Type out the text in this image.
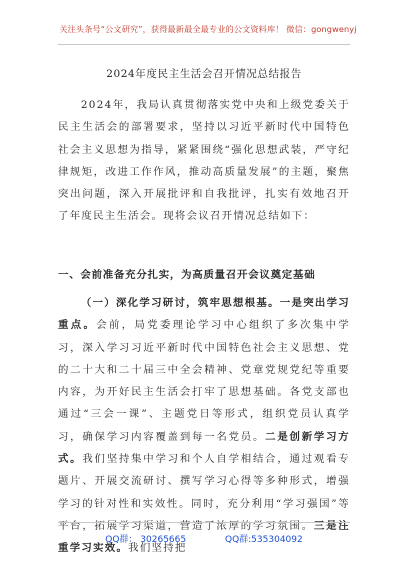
关注头条号“公文研究”，获得最新最全最专业的公文资料库！ 微信：gongwenyj
2024年度民主生活会召开情况总结报告
2024年，我局认真贯彻落实党中央和上级党委关于民主生活会的部署要求，坚持以习近平新时代中国特色社会主义思想为指导，紧紧围绕“强化思想武装，严守纪律规矩，改进工作作风，推动高质量发展”的主题，聚焦突出问题，深入开展批评和自我批评，扎实有效地召开了年度民主生活会。现将会议召开情况总结如下：
一、会前准备充分扎实，为高质量召开会议奠定基础
（一）深化学习研讨，筑牢思想根基。一是突出学习重点。会前，局党委理论学习中心组织了多次集中学习，深入学习习近平新时代中国特色社会主义思想、党的二十大和二十届三中全会精神、党章党规党纪等重要内容，为开好民主生活会打牢了思想基础。各党支部也通过“三会一课”、主题党日等形式，组织党员认真学习，确保学习内容覆盖到每一名党员。二是创新学习方式。我们坚持集中学习和个人自学相结合，通过观看专题片、开展交流研讨、撰写学习心得等多种形式，增强学习的针对性和实效性。同时，充分利用“学习强国”等平台，拓展学习渠道，营造了浓厚的学习氛围。三是注重学习实效。我们坚持把
QQ群： 30265665	QQ群:535304092
